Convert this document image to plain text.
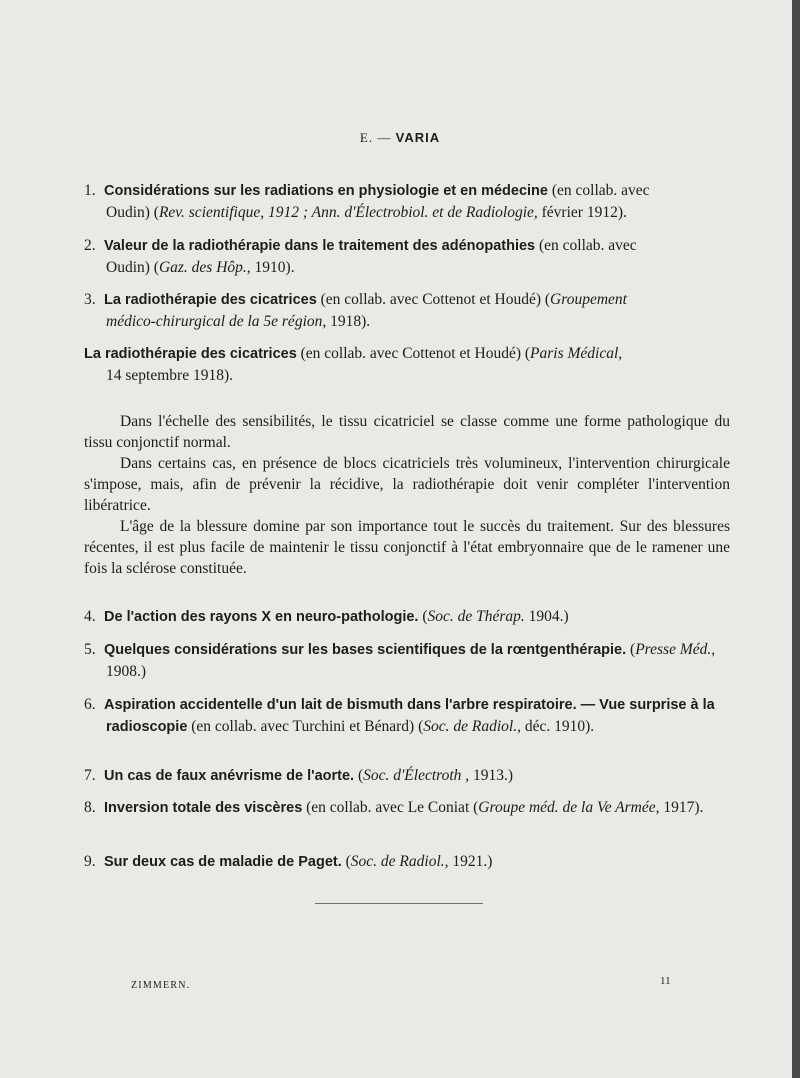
E. — VARIA
1. Considérations sur les radiations en physiologie et en médecine (en collab. avec
Oudin) (Rev. scientifique, 1912 ; Ann. d'Électrobiol. et de Radiologie, février 1912).
2. Valeur de la radiothérapie dans le traitement des adénopathies (en collab. avec
Oudin) (Gaz. des Hôp., 1910).
3. La radiothérapie des cicatrices (en collab. avec Cottenot et Houdé) (Groupement
médico-chirurgical de la 5e région, 1918).
La radiothérapie des cicatrices (en collab. avec Cottenot et Houdé) (Paris Médical,
14 septembre 1918).

Dans l'échelle des sensibilités, le tissu cicatriciel se classe comme une forme pathologique du tissu conjonctif normal.

Dans certains cas, en présence de blocs cicatriciels très volumineux, l'intervention chirurgicale s'impose, mais, afin de prévenir la récidive, la radiothérapie doit venir compléter l'intervention libératrice.

L'âge de la blessure domine par son importance tout le succès du traitement. Sur des blessures récentes, il est plus facile de maintenir le tissu conjonctif à l'état embryonnaire que de le ramener une fois la sclérose constituée.

4. De l'action des rayons X en neuro-pathologie. (Soc. de Thérap. 1904.)
5. Quelques considérations sur les bases scientifiques de la rœntgenthérapie. (Presse Méd., 1908.)
6. Aspiration accidentelle d'un lait de bismuth dans l'arbre respiratoire. — Vue surprise à la radioscopie (en collab. avec Turchini et Bénard) (Soc. de Radiol., déc. 1910).
7. Un cas de faux anévrisme de l'aorte. (Soc. d'Électroth , 1913.)
8. Inversion totale des viscères (en collab. avec Le Coniat (Groupe méd. de la Ve Armée, 1917).
9. Sur deux cas de maladie de Paget. (Soc. de Radiol., 1921.)
ZIMMERN.	11
